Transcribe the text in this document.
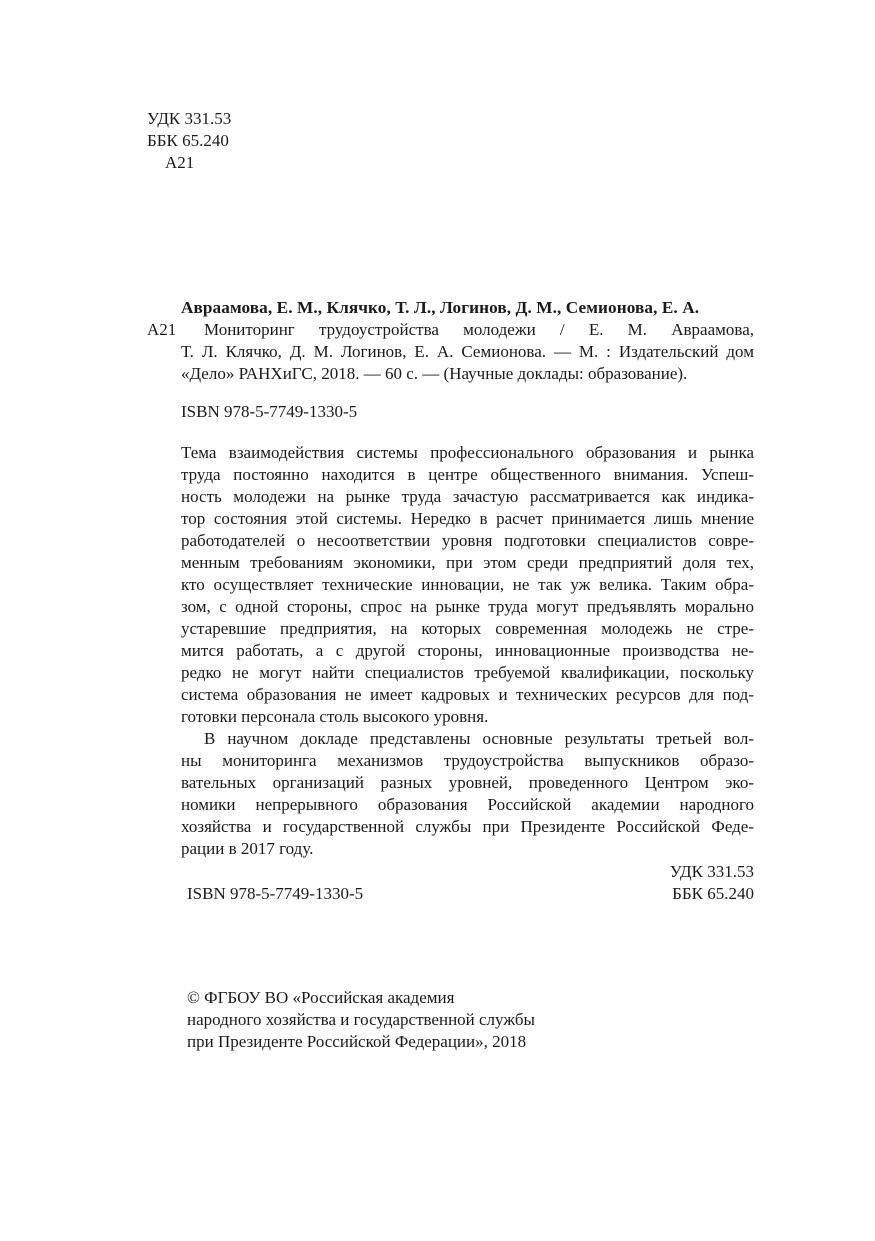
УДК 331.53
ББК 65.240
А21
Авраамова, Е. М., Клячко, Т. Л., Логинов, Д. М., Семионова, Е. А.
А21 Мониторинг трудоустройства молодежи / Е. М. Авраамова,
Т. Л. Клячко, Д. М. Логинов, Е. А. Семионова. — М. : Издательский дом
«Дело» РАНХиГС, 2018. — 60 с. — (Научные доклады: образование).
ISBN 978-5-7749-1330-5
Тема взаимодействия системы профессионального образования и рынка
труда постоянно находится в центре общественного внимания. Успеш-
ность молодежи на рынке труда зачастую рассматривается как индика-
тор состояния этой системы. Нередко в расчет принимается лишь мнение
работодателей о несоответствии уровня подготовки специалистов совре-
менным требованиям экономики, при этом среди предприятий доля тех,
кто осуществляет технические инновации, не так уж велика. Таким обра-
зом, с одной стороны, спрос на рынке труда могут предъявлять морально
устаревшие предприятия, на которых современная молодежь не стре-
мится работать, а с другой стороны, инновационные производства не-
редко не могут найти специалистов требуемой квалификации, поскольку
система образования не имеет кадровых и технических ресурсов для под-
готовки персонала столь высокого уровня.
В научном докладе представлены основные результаты третьей вол-
ны мониторинга механизмов трудоустройства выпускников образо-
вательных организаций разных уровней, проведенного Центром эко-
номики непрерывного образования Российской академии народного
хозяйства и государственной службы при Президенте Российской Феде-
рации в 2017 году.
УДК 331.53
ББК 65.240
ISBN 978-5-7749-1330-5
© ФГБОУ ВО «Российская академия
народного хозяйства и государственной службы
при Президенте Российской Федерации», 2018
